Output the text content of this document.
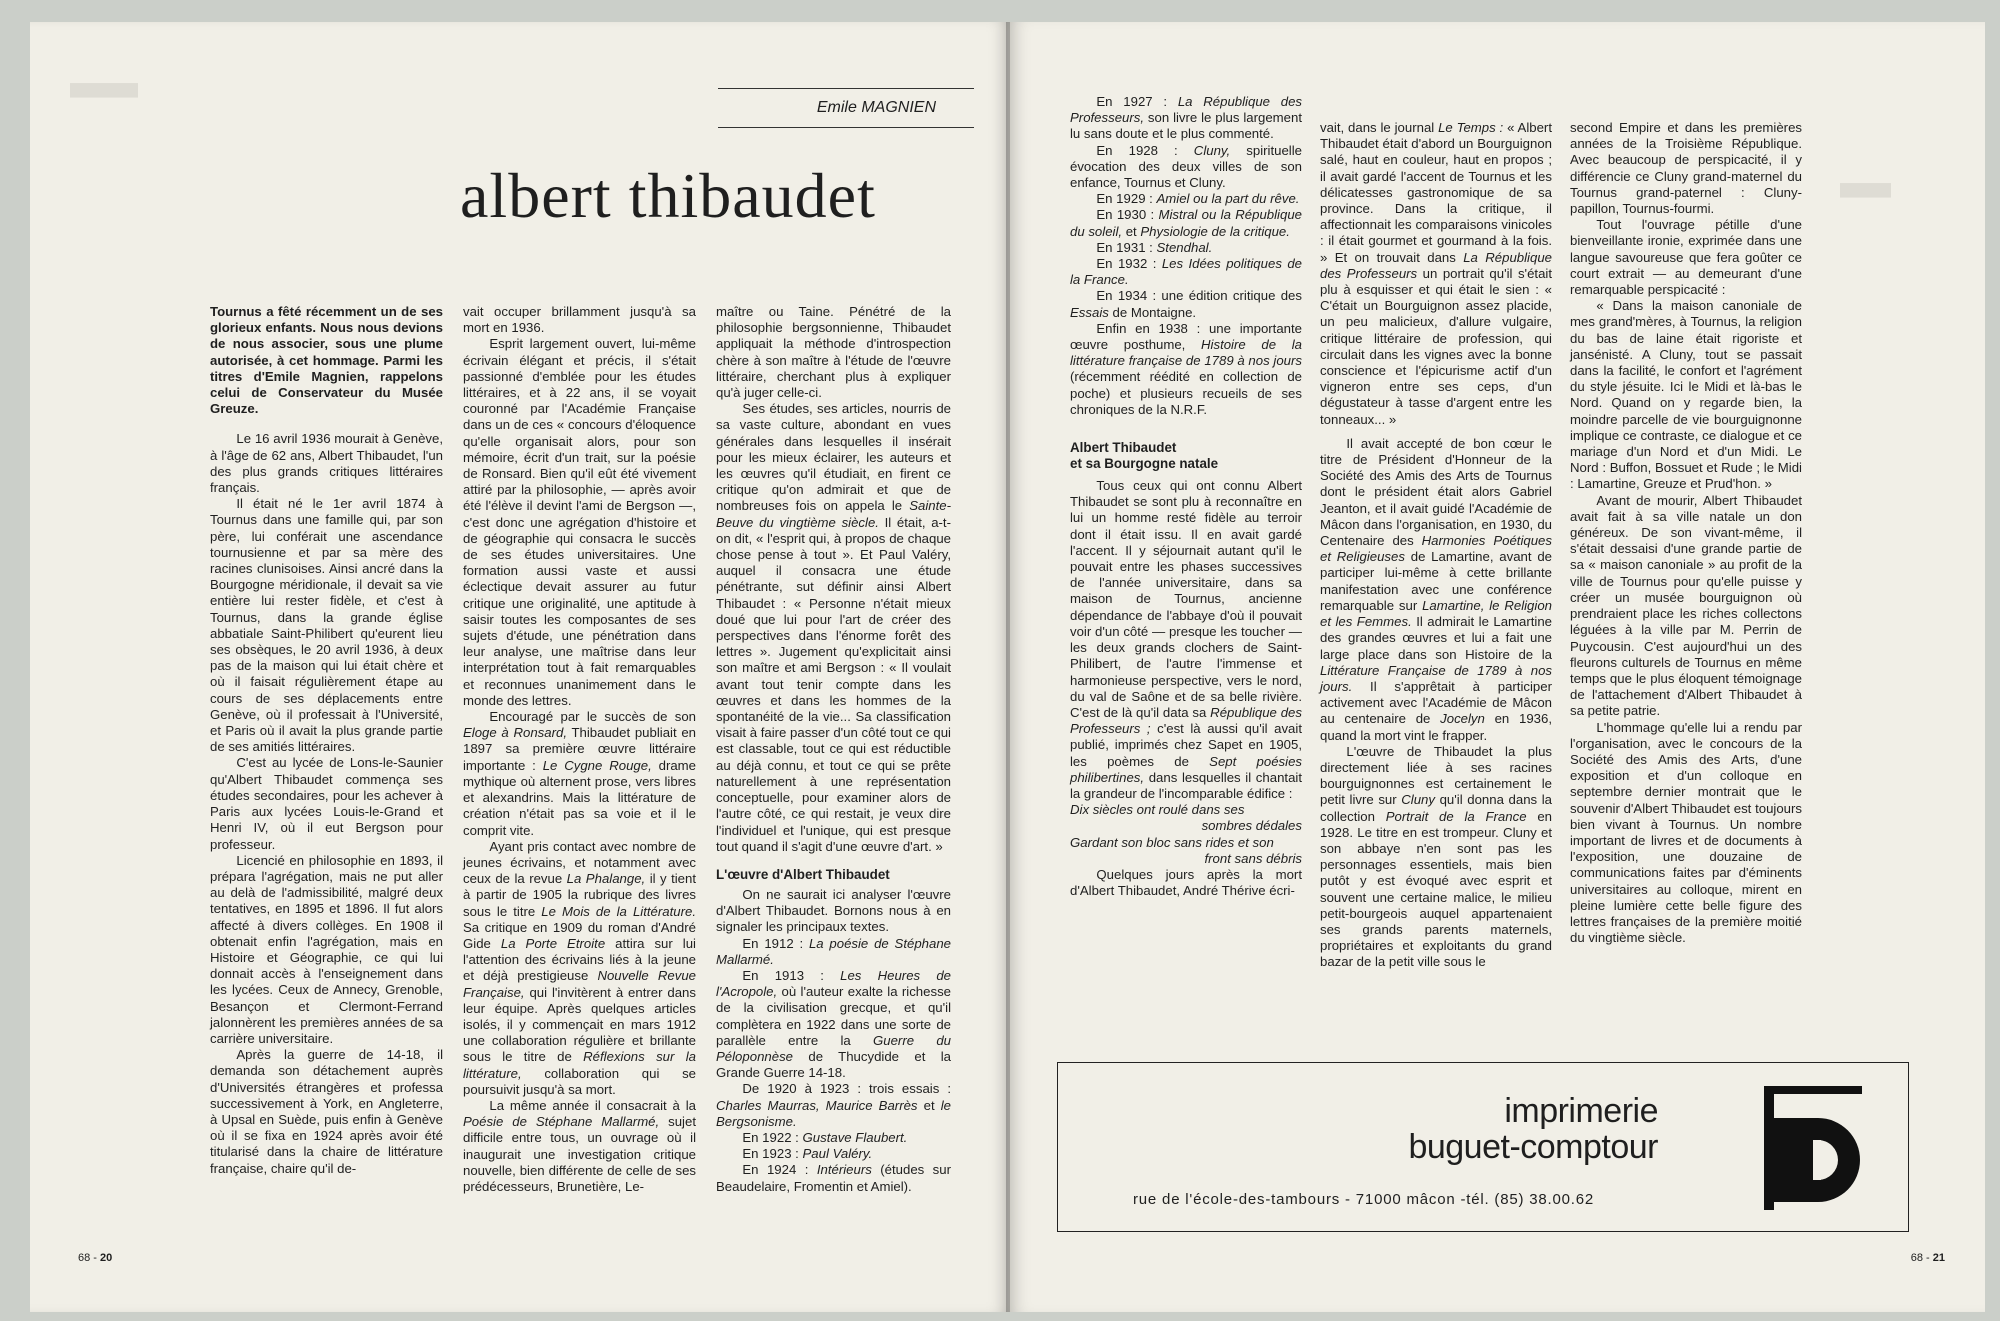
████████
Emile MAGNIEN
albert thibaudet

Tournus a fêté récemment un de ses glorieux enfants. Nous nous devions de nous associer, sous une plume autorisée, à cet hommage. Parmi les titres d'Emile Magnien, rappelons celui de Conservateur du Musée Greuze.

Le 16 avril 1936 mourait à Genève, à l'âge de 62 ans, Albert Thibaudet, l'un des plus grands critiques littéraires français.

Il était né le 1er avril 1874 à Tournus dans une famille qui, par son père, lui conférait une ascendance tournusienne et par sa mère des racines clunisoises. Ainsi ancré dans la Bourgogne méridionale, il devait sa vie entière lui rester fidèle, et c'est à Tournus, dans la grande église abbatiale Saint-Philibert qu'eurent lieu ses obsèques, le 20 avril 1936, à deux pas de la maison qui lui était chère et où il faisait régulièrement étape au cours de ses déplacements entre Genève, où il professait à l'Université, et Paris où il avait la plus grande partie de ses amitiés littéraires.

C'est au lycée de Lons-le-Saunier qu'Albert Thibaudet commença ses études secondaires, pour les achever à Paris aux lycées Louis-le-Grand et Henri IV, où il eut Bergson pour professeur.

Licencié en philosophie en 1893, il prépara l'agrégation, mais ne put aller au delà de l'admissibilité, malgré deux tentatives, en 1895 et 1896. Il fut alors affecté à divers collèges. En 1908 il obtenait enfin l'agrégation, mais en Histoire et Géographie, ce qui lui donnait accès à l'enseignement dans les lycées. Ceux de Annecy, Grenoble, Besançon et Clermont-Ferrand jalonnèrent les premières années de sa carrière universitaire.

Après la guerre de 14-18, il demanda son détachement auprès d'Universités étrangères et professa successivement à York, en Angleterre, à Upsal en Suède, puis enfin à Genève où il se fixa en 1924 après avoir été titularisé dans la chaire de littérature française, chaire qu'il de-

vait occuper brillamment jusqu'à sa mort en 1936.

Esprit largement ouvert, lui-même écrivain élégant et précis, il s'était passionné d'emblée pour les études littéraires, et à 22 ans, il se voyait couronné par l'Académie Française dans un de ces « concours d'éloquence qu'elle organisait alors, pour son mémoire, écrit d'un trait, sur la poésie de Ronsard. Bien qu'il eût été vivement attiré par la philosophie, — après avoir été l'élève il devint l'ami de Bergson —, c'est donc une agrégation d'histoire et de géographie qui consacra le succès de ses études universitaires. Une formation aussi vaste et aussi éclectique devait assurer au futur critique une originalité, une aptitude à saisir toutes les composantes de ses sujets d'étude, une pénétration dans leur analyse, une maîtrise dans leur interprétation tout à fait remarquables et reconnues unanimement dans le monde des lettres.

Encouragé par le succès de son Eloge à Ronsard, Thibaudet publiait en 1897 sa première œuvre littéraire importante : Le Cygne Rouge, drame mythique où alternent prose, vers libres et alexandrins. Mais la littérature de création n'était pas sa voie et il le comprit vite.

Ayant pris contact avec nombre de jeunes écrivains, et notamment avec ceux de la revue La Phalange, il y tient à partir de 1905 la rubrique des livres sous le titre Le Mois de la Littérature. Sa critique en 1909 du roman d'André Gide La Porte Etroite attira sur lui l'attention des écrivains liés à la jeune et déjà prestigieuse Nouvelle Revue Française, qui l'invitèrent à entrer dans leur équipe. Après quelques articles isolés, il y commençait en mars 1912 une collaboration régulière et brillante sous le titre de Réflexions sur la littérature, collaboration qui se poursuivit jusqu'à sa mort.

La même année il consacrait à la Poésie de Stéphane Mallarmé, sujet difficile entre tous, un ouvrage où il inaugurait une investigation critique nouvelle, bien différente de celle de ses prédécesseurs, Brunetière, Le-

maître ou Taine. Pénétré de la philosophie bergsonnienne, Thibaudet appliquait la méthode d'introspection chère à son maître à l'étude de l'œuvre littéraire, cherchant plus à expliquer qu'à juger celle-ci.

Ses études, ses articles, nourris de sa vaste culture, abondant en vues générales dans lesquelles il insérait pour les mieux éclairer, les auteurs et les œuvres qu'il étudiait, en firent ce critique qu'on admirait et que de nombreuses fois on appela le Sainte-Beuve du vingtième siècle. Il était, a-t-on dit, « l'esprit qui, à propos de chaque chose pense à tout ». Et Paul Valéry, auquel il consacra une étude pénétrante, sut définir ainsi Albert Thibaudet : « Personne n'était mieux doué que lui pour l'art de créer des perspectives dans l'énorme forêt des lettres ». Jugement qu'explicitait ainsi son maître et ami Bergson : « Il voulait avant tout tenir compte dans les œuvres et dans les hommes de la spontanéité de la vie... Sa classification visait à faire passer d'un côté tout ce qui est classable, tout ce qui est réductible au déjà connu, et tout ce qui se prête naturellement à une représentation conceptuelle, pour examiner alors de l'autre côté, ce qui restait, je veux dire l'individuel et l'unique, qui est presque tout quand il s'agit d'une œuvre d'art. »

L'œuvre d'Albert Thibaudet

On ne saurait ici analyser l'œuvre d'Albert Thibaudet. Bornons nous à en signaler les principaux textes.

En 1912 : La poésie de Stéphane Mallarmé.

En 1913 : Les Heures de l'Acropole, où l'auteur exalte la richesse de la civilisation grecque, et qu'il complètera en 1922 dans une sorte de parallèle entre la Guerre du Péloponnèse de Thucydide et la Grande Guerre 14-18.

De 1920 à 1923 : trois essais : Charles Maurras, Maurice Barrès et le Bergsonisme.

En 1922 : Gustave Flaubert.

En 1923 : Paul Valéry.

En 1924 : Intérieurs (études sur Beaudelaire, Fromentin et Amiel).

68 - 20

En 1927 : La République des Professeurs, son livre le plus largement lu sans doute et le plus commenté.

En 1928 : Cluny, spirituelle évocation des deux villes de son enfance, Tournus et Cluny.

En 1929 : Amiel ou la part du rêve.

En 1930 : Mistral ou la République du soleil, et Physiologie de la critique.

En 1931 : Stendhal.

En 1932 : Les Idées politiques de la France.

En 1934 : une édition critique des Essais de Montaigne.

Enfin en 1938 : une importante œuvre posthume, Histoire de la littérature française de 1789 à nos jours (récemment réédité en collection de poche) et plusieurs recueils de ses chroniques de la N.R.F.

Albert Thibaudet
et sa Bourgogne natale

Tous ceux qui ont connu Albert Thibaudet se sont plu à reconnaître en lui un homme resté fidèle au terroir dont il était issu. Il en avait gardé l'accent. Il y séjournait autant qu'il le pouvait entre les phases successives de l'année universitaire, dans sa maison de Tournus, ancienne dépendance de l'abbaye d'où il pouvait voir d'un côté — presque les toucher — les deux grands clochers de Saint-Philibert, de l'autre l'immense et harmonieuse perspective, vers le nord, du val de Saône et de sa belle rivière. C'est de là qu'il data sa République des Professeurs ; c'est là aussi qu'il avait publié, imprimés chez Sapet en 1905, les poèmes de Sept poésies philibertines, dans lesquelles il chantait la grandeur de l'incomparable édifice :

Dix siècles ont roulé dans ses

sombres dédales

Gardant son bloc sans rides et son

front sans débris

Quelques jours après la mort d'Albert Thibaudet, André Thérive écri-

vait, dans le journal Le Temps : « Albert Thibaudet était d'abord un Bourguignon salé, haut en couleur, haut en propos ; il avait gardé l'accent de Tournus et les délicatesses gastronomique de sa province. Dans la critique, il affectionnait les comparaisons vinicoles : il était gourmet et gourmand à la fois. » Et on trouvait dans La République des Professeurs un portrait qu'il s'était plu à esquisser et qui était le sien : « C'était un Bourguignon assez placide, un peu malicieux, d'allure vulgaire, critique littéraire de profession, qui circulait dans les vignes avec la bonne conscience et l'épicurisme actif d'un vigneron entre ses ceps, d'un dégustateur à tasse d'argent entre les tonneaux... »

Il avait accepté de bon cœur le titre de Président d'Honneur de la Société des Amis des Arts de Tournus dont le président était alors Gabriel Jeanton, et il avait guidé l'Académie de Mâcon dans l'organisation, en 1930, du Centenaire des Harmonies Poétiques et Religieuses de Lamartine, avant de participer lui-même à cette brillante manifestation avec une conférence remarquable sur Lamartine, le Religion et les Femmes. Il admirait le Lamartine des grandes œuvres et lui a fait une large place dans son Histoire de la Littérature Française de 1789 à nos jours. Il s'apprêtait à participer activement avec l'Académie de Mâcon au centenaire de Jocelyn en 1936, quand la mort vint le frapper.

L'œuvre de Thibaudet la plus directement liée à ses racines bourguignonnes est certainement le petit livre sur Cluny qu'il donna dans la collection Portrait de la France en 1928. Le titre en est trompeur. Cluny et son abbaye n'en sont pas les personnages essentiels, mais bien putôt y est évoqué avec esprit et souvent une certaine malice, le milieu petit-bourgeois auquel appartenaient ses grands parents maternels, propriétaires et exploitants du grand bazar de la petit ville sous le

second Empire et dans les premières années de la Troisième République. Avec beaucoup de perspicacité, il y différencie ce Cluny grand-maternel du Tournus grand-paternel : Cluny-papillon, Tournus-fourmi.

Tout l'ouvrage pétille d'une bienveillante ironie, exprimée dans une langue savoureuse que fera goûter ce court extrait — au demeurant d'une remarquable perspicacité :

« Dans la maison canoniale de mes grand'mères, à Tournus, la religion du bas de laine était rigoriste et jansénisté. A Cluny, tout se passait dans la facilité, le confort et l'agrément du style jésuite. Ici le Midi et là-bas le Nord. Quand on y regarde bien, la moindre parcelle de vie bourguignonne implique ce contraste, ce dialogue et ce mariage d'un Nord et d'un Midi. Le Nord : Buffon, Bossuet et Rude ; le Midi : Lamartine, Greuze et Prud'hon. »

Avant de mourir, Albert Thibaudet avait fait à sa ville natale un don généreux. De son vivant-même, il s'était dessaisi d'une grande partie de sa « maison canoniale » au profit de la ville de Tournus pour qu'elle puisse y créer un musée bourguignon où prendraient place les riches collectons léguées à la ville par M. Perrin de Puycousin. C'est aujourd'hui un des fleurons culturels de Tournus en même temps que le plus éloquent témoignage de l'attachement d'Albert Thibaudet à sa petite patrie.

L'hommage qu'elle lui a rendu par l'organisation, avec le concours de la Société des Amis des Arts, d'une exposition et d'un colloque en septembre dernier montrait que le souvenir d'Albert Thibaudet est toujours bien vivant à Tournus. Un nombre important de livres et de documents à l'exposition, une douzaine de communications faites par d'éminents universitaires au colloque, mirent en pleine lumière cette belle figure des lettres françaises de la première moitié du vingtième siècle.

██████
imprimerie
buguet-comptour
rue de l'école-des-tambours - 71000 mâcon -tél. (85) 38.00.62
68 - 21
